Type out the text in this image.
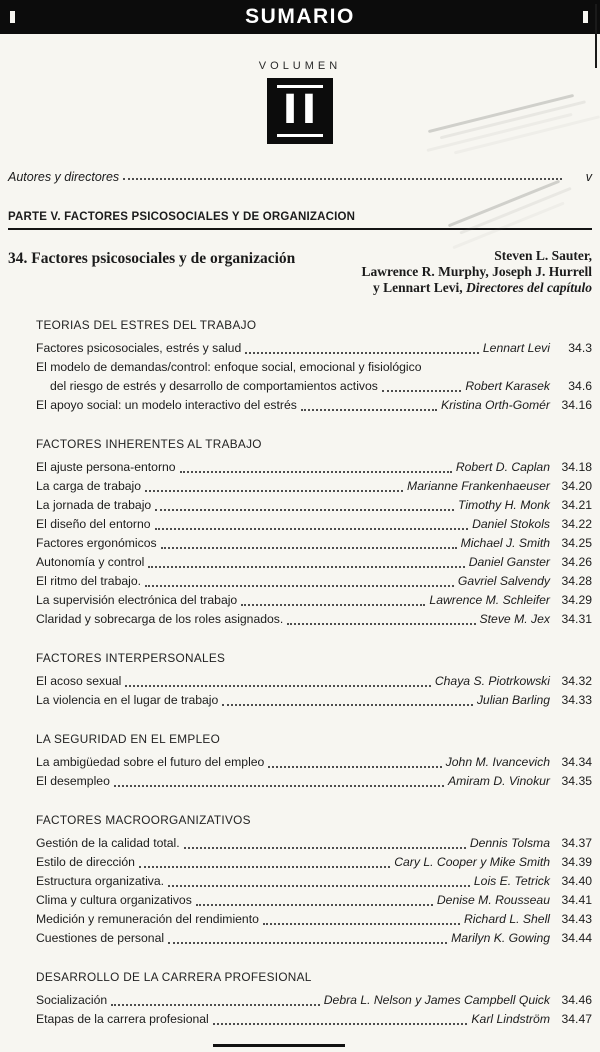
SUMARIO
VOLUMEN
II
Autores y directores	v
PARTE V. FACTORES PSICOSOCIALES Y DE ORGANIZACION
34. Factores psicosociales y de organización	Steven L. Sauter,
Lawrence R. Murphy, Joseph J. Hurrell
y Lennart Levi, Directores del capítulo
TEORIAS DEL ESTRES DEL TRABAJO
Factores psicosociales, estrés y salud	Lennart Levi	34.3
El modelo de demandas/control: enfoque social, emocional y fisiológico
del riesgo de estrés y desarrollo de comportamientos activos	Robert Karasek	34.6
El apoyo social: un modelo interactivo del estrés	Kristina Orth-Gomér 34.16
FACTORES INHERENTES AL TRABAJO
El ajuste persona-entorno	Robert D. Caplan 34.18
La carga de trabajo	Marianne Frankenhaeuser 34.20
La jornada de trabajo	Timothy H. Monk 34.21
El diseño del entorno	Daniel Stokols 34.22
Factores ergonómicos	Michael J. Smith 34.25
Autonomía y control	Daniel Ganster 34.26
El ritmo del trabajo.	Gavriel Salvendy 34.28
La supervisión electrónica del trabajo	Lawrence M. Schleifer 34.29
Claridad y sobrecarga de los roles asignados.	Steve M. Jex 34.31
FACTORES INTERPERSONALES
El acoso sexual	Chaya S. Piotrkowski 34.32
La violencia en el lugar de trabajo	Julian Barling 34.33
LA SEGURIDAD EN EL EMPLEO
La ambigüedad sobre el futuro del empleo	John M. Ivancevich 34.34
El desempleo	Amiram D. Vinokur 34.35
FACTORES MACROORGANIZATIVOS
Gestión de la calidad total.	Dennis Tolsma 34.37
Estilo de dirección	Cary L. Cooper y Mike Smith 34.39
Estructura organizativa.	Lois E. Tetrick 34.40
Clima y cultura organizativos	Denise M. Rousseau 34.41
Medición y remuneración del rendimiento	Richard L. Shell 34.43
Cuestiones de personal	Marilyn K. Gowing 34.44
DESARROLLO DE LA CARRERA PROFESIONAL
Socialización	Debra L. Nelson y James Campbell Quick 34.46
Etapas de la carrera profesional	Karl Lindström 34.47
